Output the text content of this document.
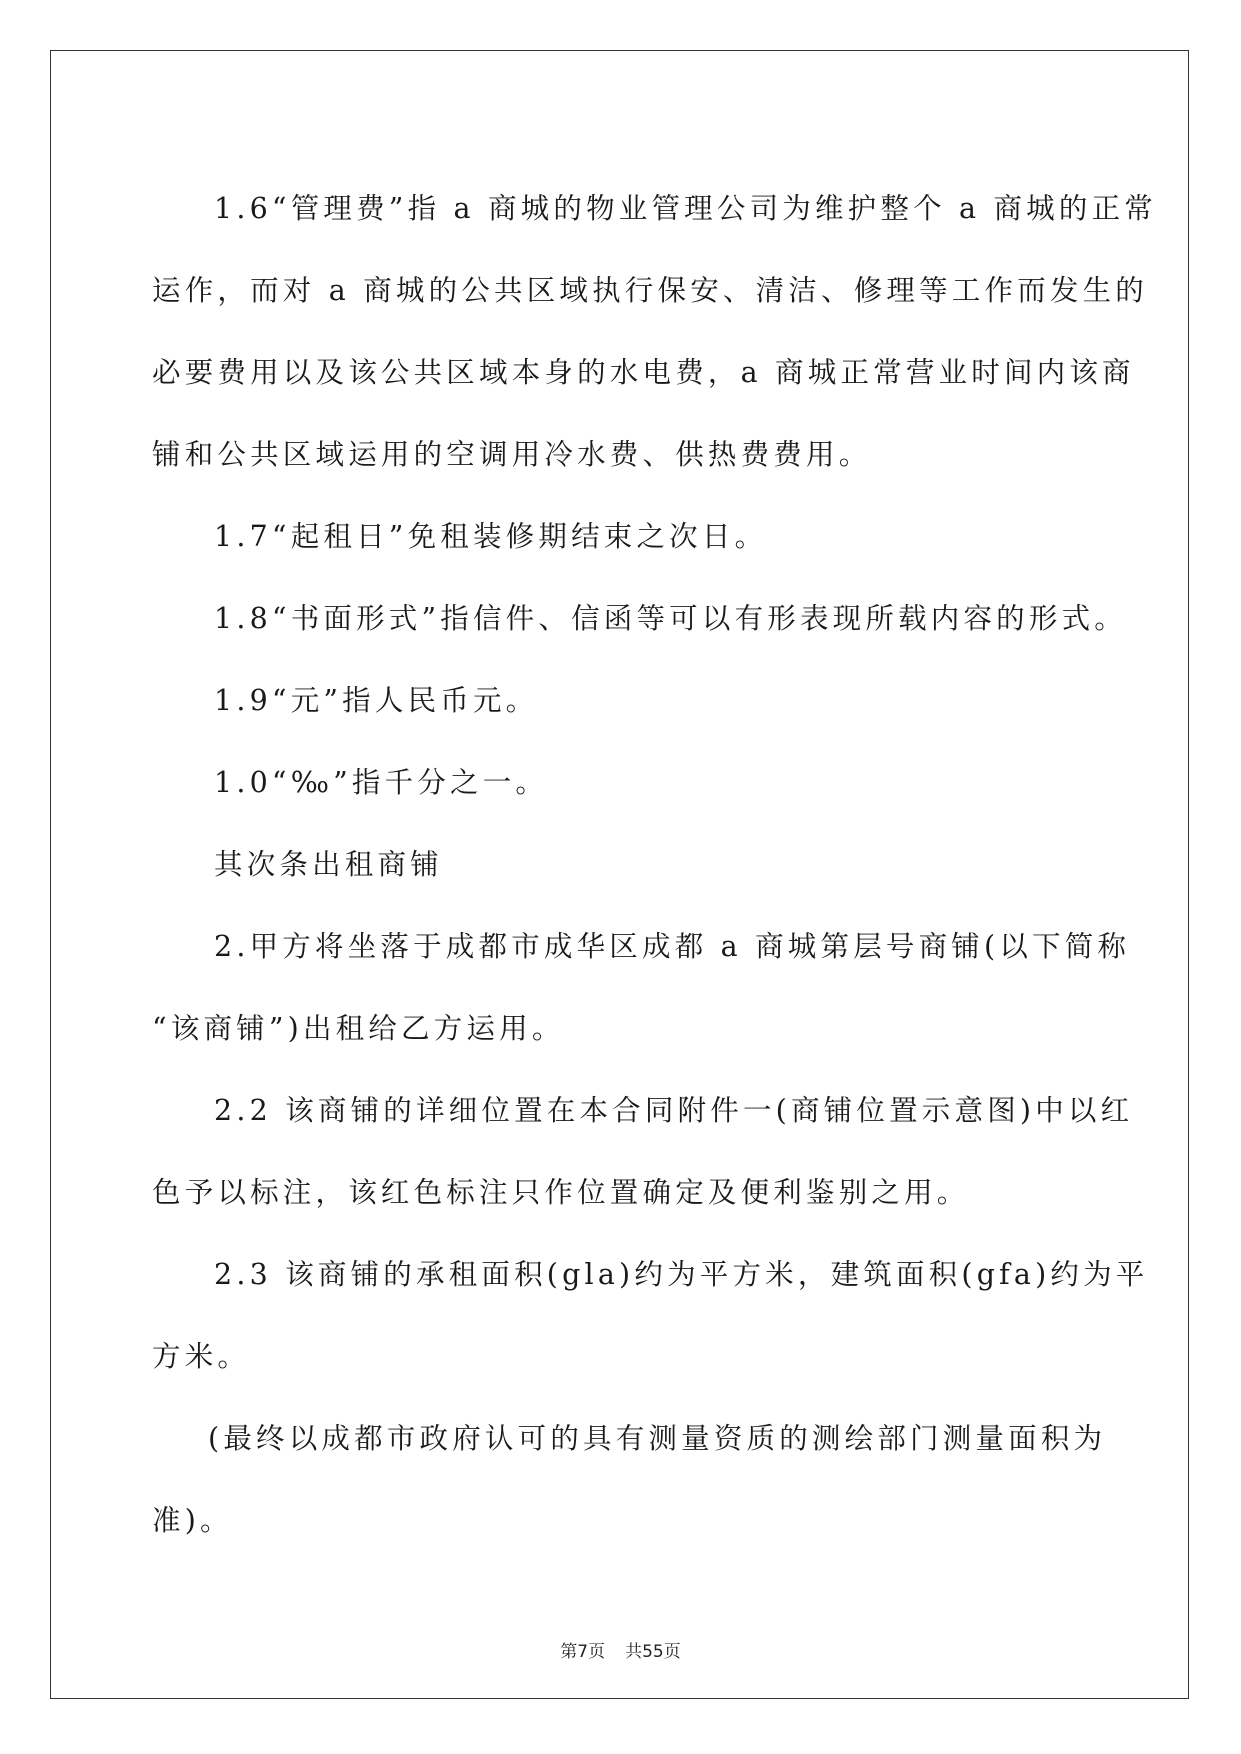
1.6“管理费”指 a 商城的物业管理公司为维护整个 a 商城的正常

运作，而对 a 商城的公共区域执行保安、清洁、修理等工作而发生的

必要费用以及该公共区域本身的水电费，a 商城正常营业时间内该商

铺和公共区域运用的空调用冷水费、供热费费用。

1.7“起租日”免租装修期结束之次日。

1.8“书面形式”指信件、信函等可以有形表现所载内容的形式。

1.9“元”指人民币元。

1.0“‰”指千分之一。

其次条出租商铺

2.甲方将坐落于成都市成华区成都 a 商城第层号商铺(以下简称

“该商铺”)出租给乙方运用。

2.2 该商铺的详细位置在本合同附件一(商铺位置示意图)中以红

色予以标注，该红色标注只作位置确定及便利鉴别之用。

2.3 该商铺的承租面积(gla)约为平方米，建筑面积(gfa)约为平

方米。

(最终以成都市政府认可的具有测量资质的测绘部门测量面积为

准)。

第7页 共55页
